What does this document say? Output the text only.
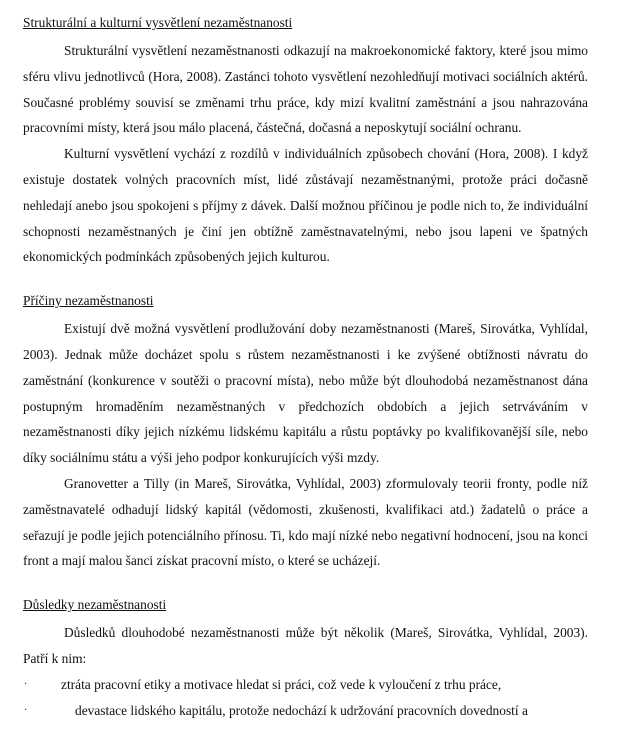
Strukturální a kulturní vysvětlení nezaměstnanosti

Strukturální vysvětlení nezaměstnanosti odkazují na makroekonomické faktory, které jsou mimo sféru vlivu jednotlivců (Hora, 2008). Zastánci tohoto vysvětlení nezohledňují motivaci sociálních aktérů. Současné problémy souvisí se změnami trhu práce, kdy mizí kvalitní zaměstnání a jsou nahrazována pracovními místy, která jsou málo placená, částečná, dočasná a neposkytují sociální ochranu.

Kulturní vysvětlení vychází z rozdílů v individuálních způsobech chování (Hora, 2008). I když existuje dostatek volných pracovních míst, lidé zůstávají nezaměstnanými, protože práci dočasně nehledají anebo jsou spokojeni s příjmy z dávek. Další možnou příčinou je podle nich to, že individuální schopnosti nezaměstnaných je činí jen obtížně zaměstnavatelnými, nebo jsou lapeni ve špatných ekonomických podmínkách způsobených jejich kulturou.

Příčiny nezaměstnanosti

Existují dvě možná vysvětlení prodlužování doby nezaměstnanosti (Mareš, Sirovátka, Vyhlídal, 2003). Jednak může docházet spolu s růstem nezaměstnanosti i ke zvýšené obtížnosti návratu do zaměstnání (konkurence v soutěži o pracovní místa), nebo může být dlouhodobá nezaměstnanost dána postupným hromaděním nezaměstnaných v předchozích obdobích a jejich setrváváním v nezaměstnanosti díky jejich nízkému lidskému kapitálu a růstu poptávky po kvalifikovanější síle, nebo díky sociálnímu státu a výši jeho podpor konkurujících výši mzdy.

Granovetter a Tilly (in Mareš, Sirovátka, Vyhlídal, 2003) zformulovaly teorii fronty, podle níž zaměstnavatelé odhadují lidský kapitál (vědomosti, zkušenosti, kvalifikaci atd.) žadatelů o práce a seřazují je podle jejich potenciálního přínosu. Ti, kdo mají nízké nebo negativní hodnocení, jsou na konci front a mají malou šanci získat pracovní místo, o které se ucházejí.

Důsledky nezaměstnanosti

Důsledků dlouhodobé nezaměstnanosti může být několik (Mareš, Sirovátka, Vyhlídal, 2003). Patří k nim:

·	ztráta pracovní etiky a motivace hledat si práci, což vede k vyloučení z trhu práce,
·	devastace lidského kapitálu, protože nedochází k udržování pracovních dovedností a
